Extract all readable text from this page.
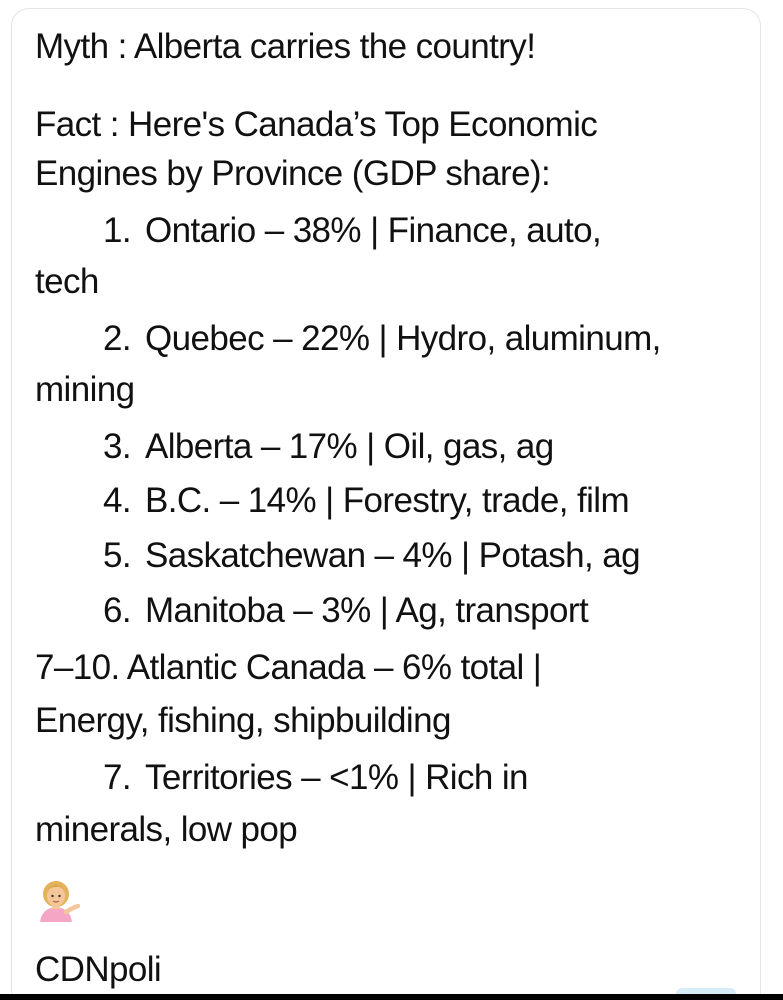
Myth : Alberta carries the country!
Fact : Here's Canada’s Top Economic
Engines by Province (GDP share):
1. Ontario – 38% | Finance, auto,
tech
2. Quebec – 22% | Hydro, aluminum,
mining
3. Alberta – 17% | Oil, gas, ag
4. B.C. – 14% | Forestry, trade, film
5. Saskatchewan – 4% | Potash, ag
6. Manitoba – 3% | Ag, transport
7–10. Atlantic Canada – 6% total |
Energy, fishing, shipbuilding
7. Territories – <1% | Rich in
minerals, low pop
CDNpoli
